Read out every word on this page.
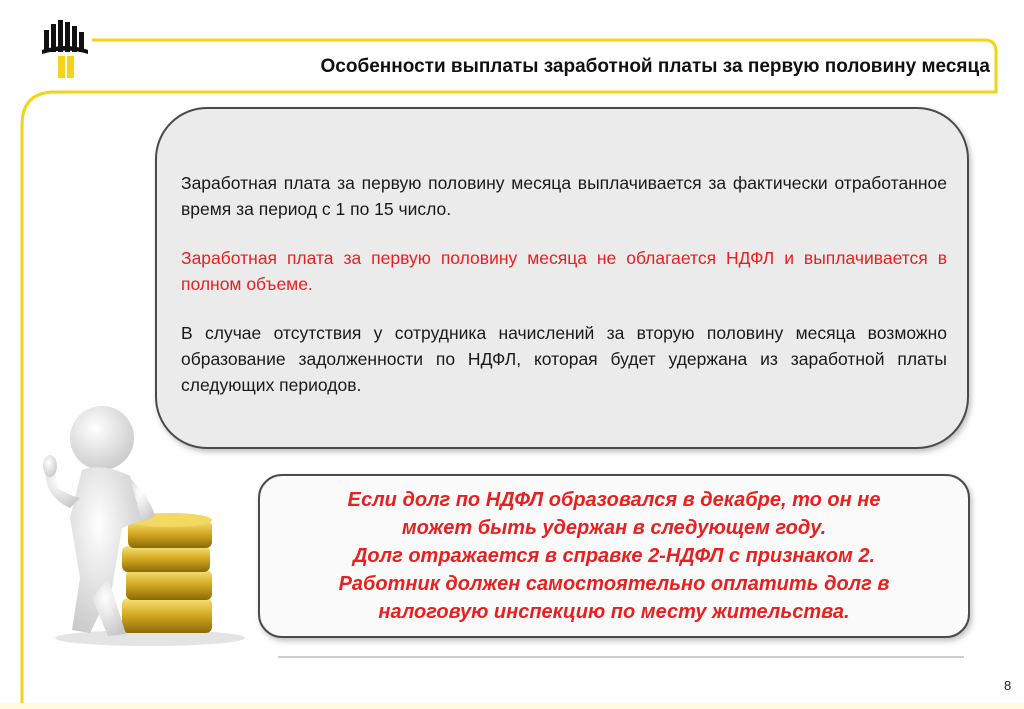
Особенности выплаты заработной платы за первую половину месяца
Заработная плата за первую половину месяца выплачивается за фактически отработанное время за период с 1 по 15 число.
Заработная плата за первую половину месяца не облагается НДФЛ и выплачивается в полном объеме.
В случае отсутствия у сотрудника начислений за вторую половину месяца возможно образование задолженности по НДФЛ, которая будет удержана из заработной платы следующих периодов.
Если долг по НДФЛ образовался в декабре, то он не
может быть удержан в следующем году.
Долг отражается в справке 2-НДФЛ с признаком 2.
Работник должен самостоятельно оплатить долг в
налоговую инспекцию по месту жительства.
8
